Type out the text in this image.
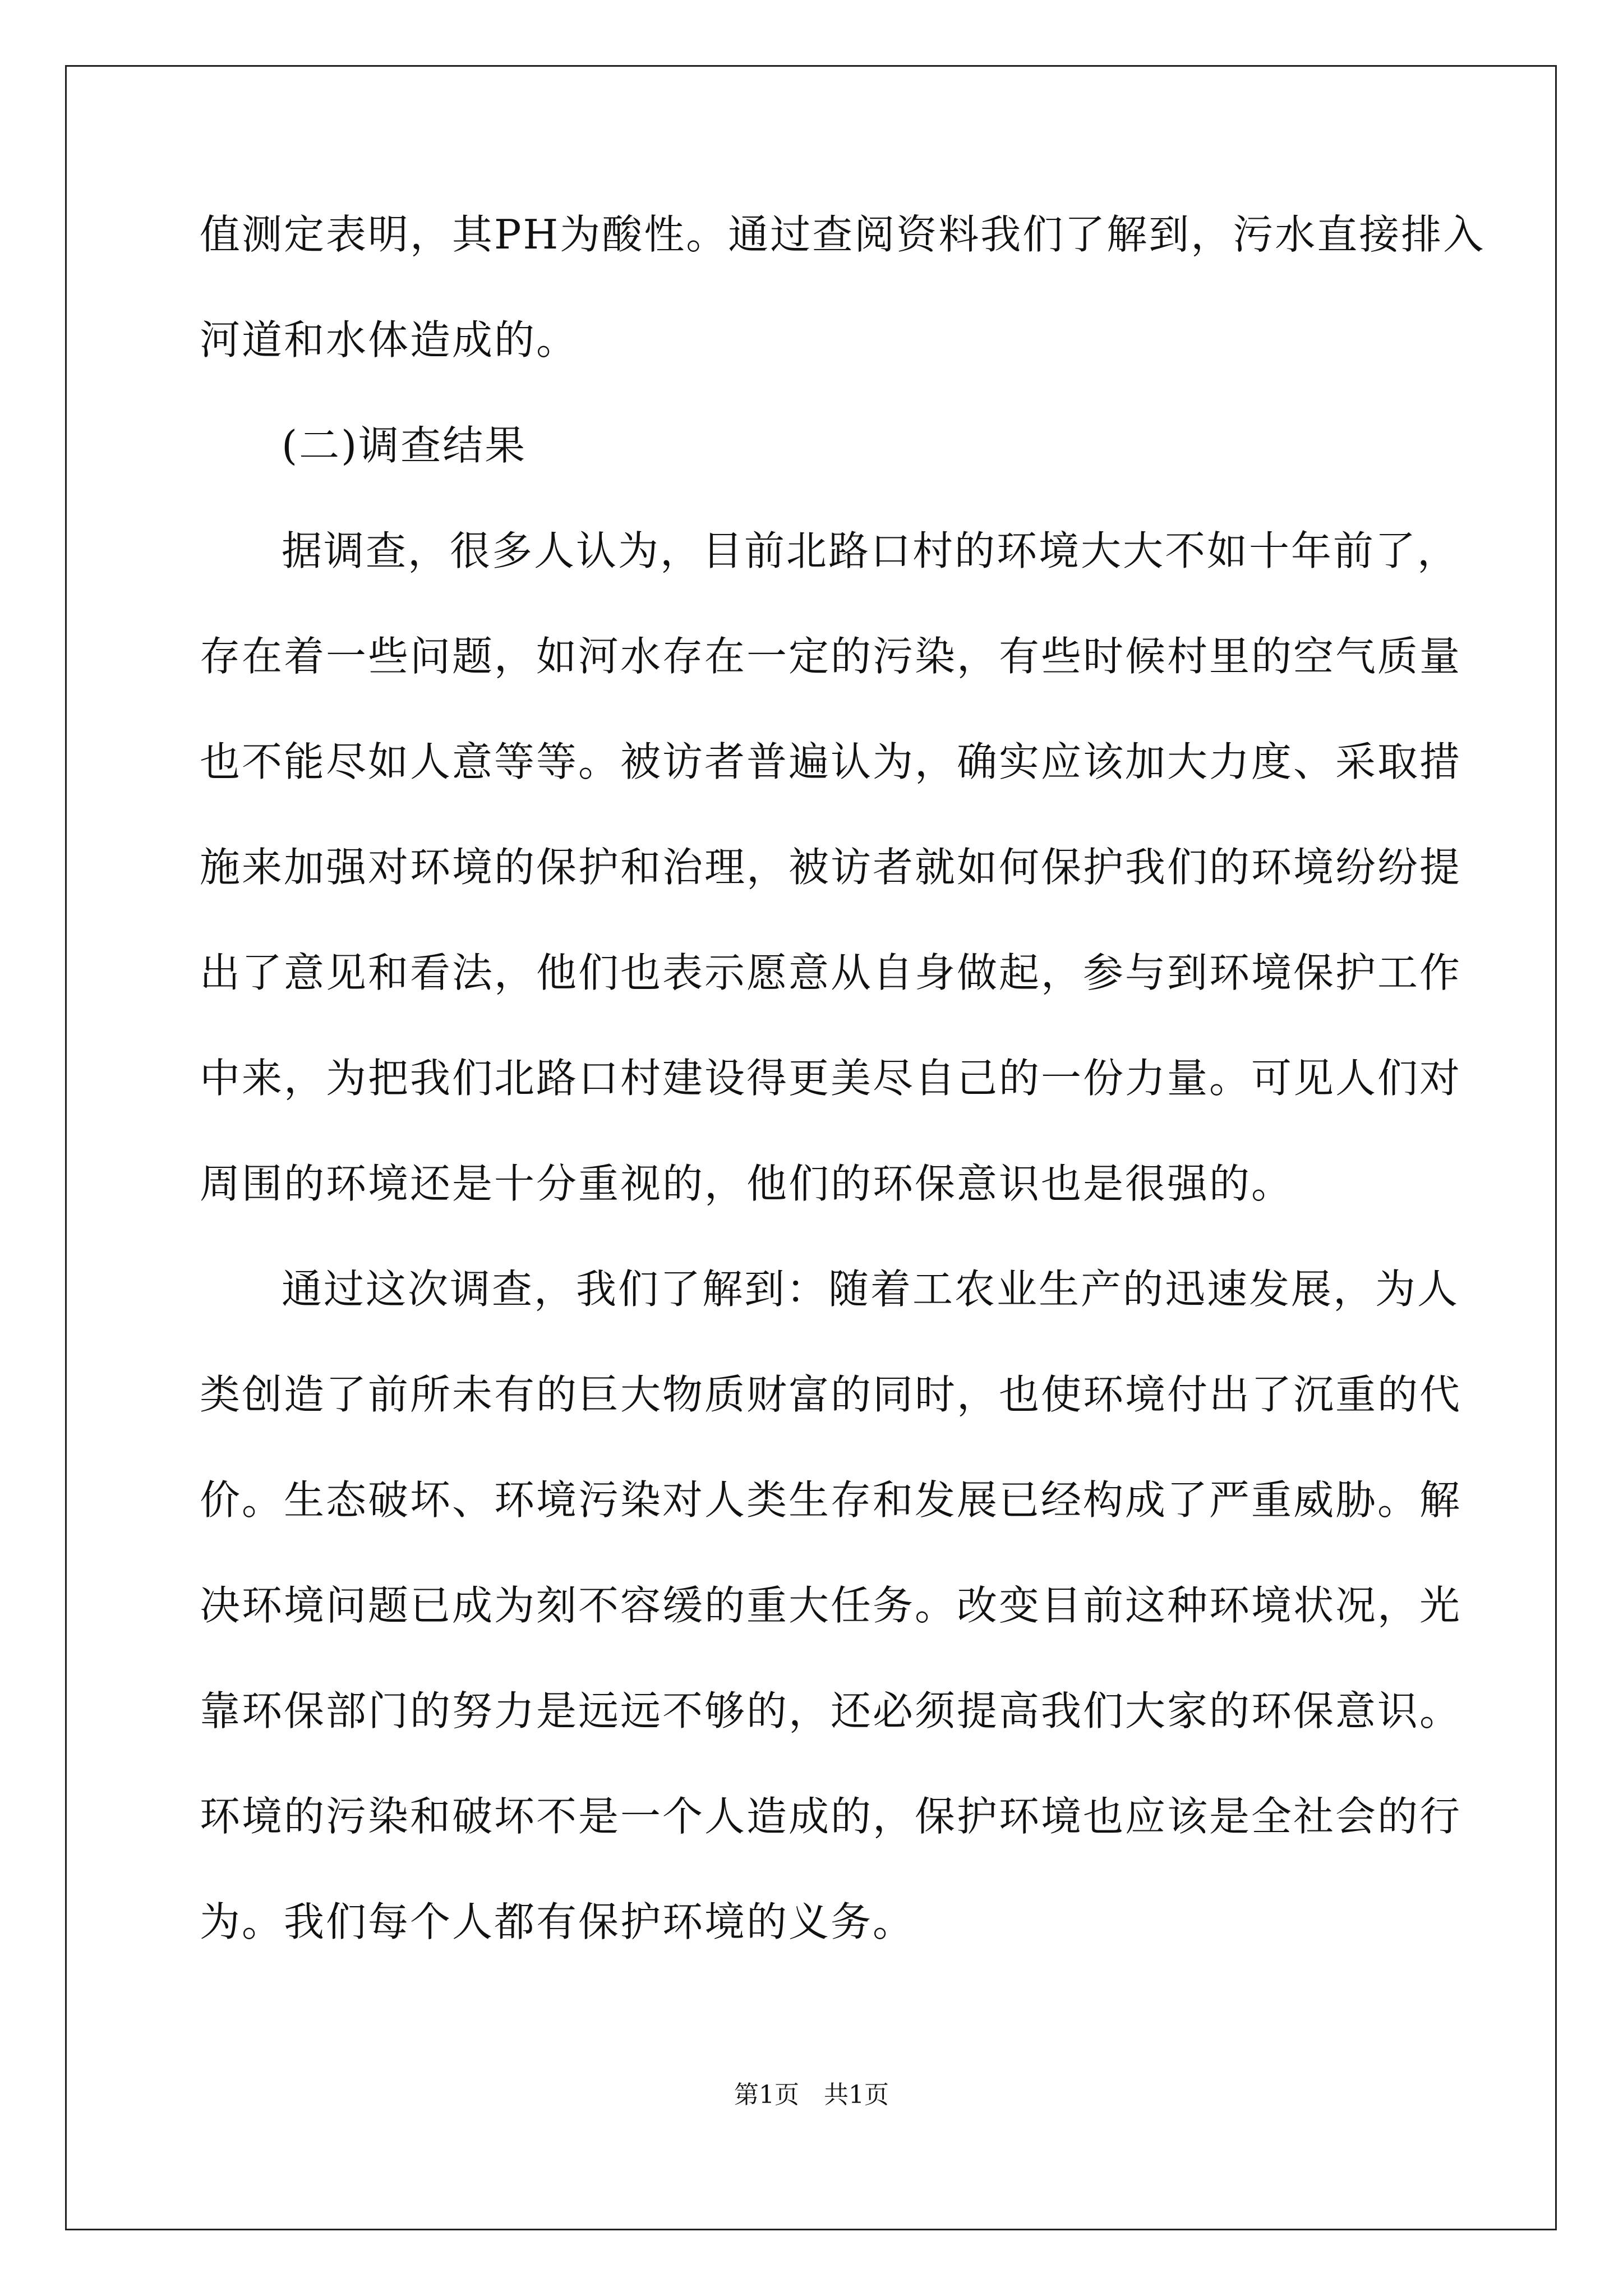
值测定表明，其PH为酸性。通过查阅资料我们了解到，污水直接排入
河道和水体造成的。
(二)调查结果
据调查，很多人认为，目前北路口村的环境大大不如十年前了，
存在着一些问题，如河水存在一定的污染，有些时候村里的空气质量
也不能尽如人意等等。被访者普遍认为，确实应该加大力度、采取措
施来加强对环境的保护和治理，被访者就如何保护我们的环境纷纷提
出了意见和看法，他们也表示愿意从自身做起，参与到环境保护工作
中来，为把我们北路口村建设得更美尽自己的一份力量。可见人们对
周围的环境还是十分重视的，他们的环保意识也是很强的。
通过这次调查，我们了解到：随着工农业生产的迅速发展，为人
类创造了前所未有的巨大物质财富的同时，也使环境付出了沉重的代
价。生态破坏、环境污染对人类生存和发展已经构成了严重威胁。解
决环境问题已成为刻不容缓的重大任务。改变目前这种环境状况，光
靠环保部门的努力是远远不够的，还必须提高我们大家的环保意识。
环境的污染和破坏不是一个人造成的，保护环境也应该是全社会的行
为。我们每个人都有保护环境的义务。
第1页　共1页
